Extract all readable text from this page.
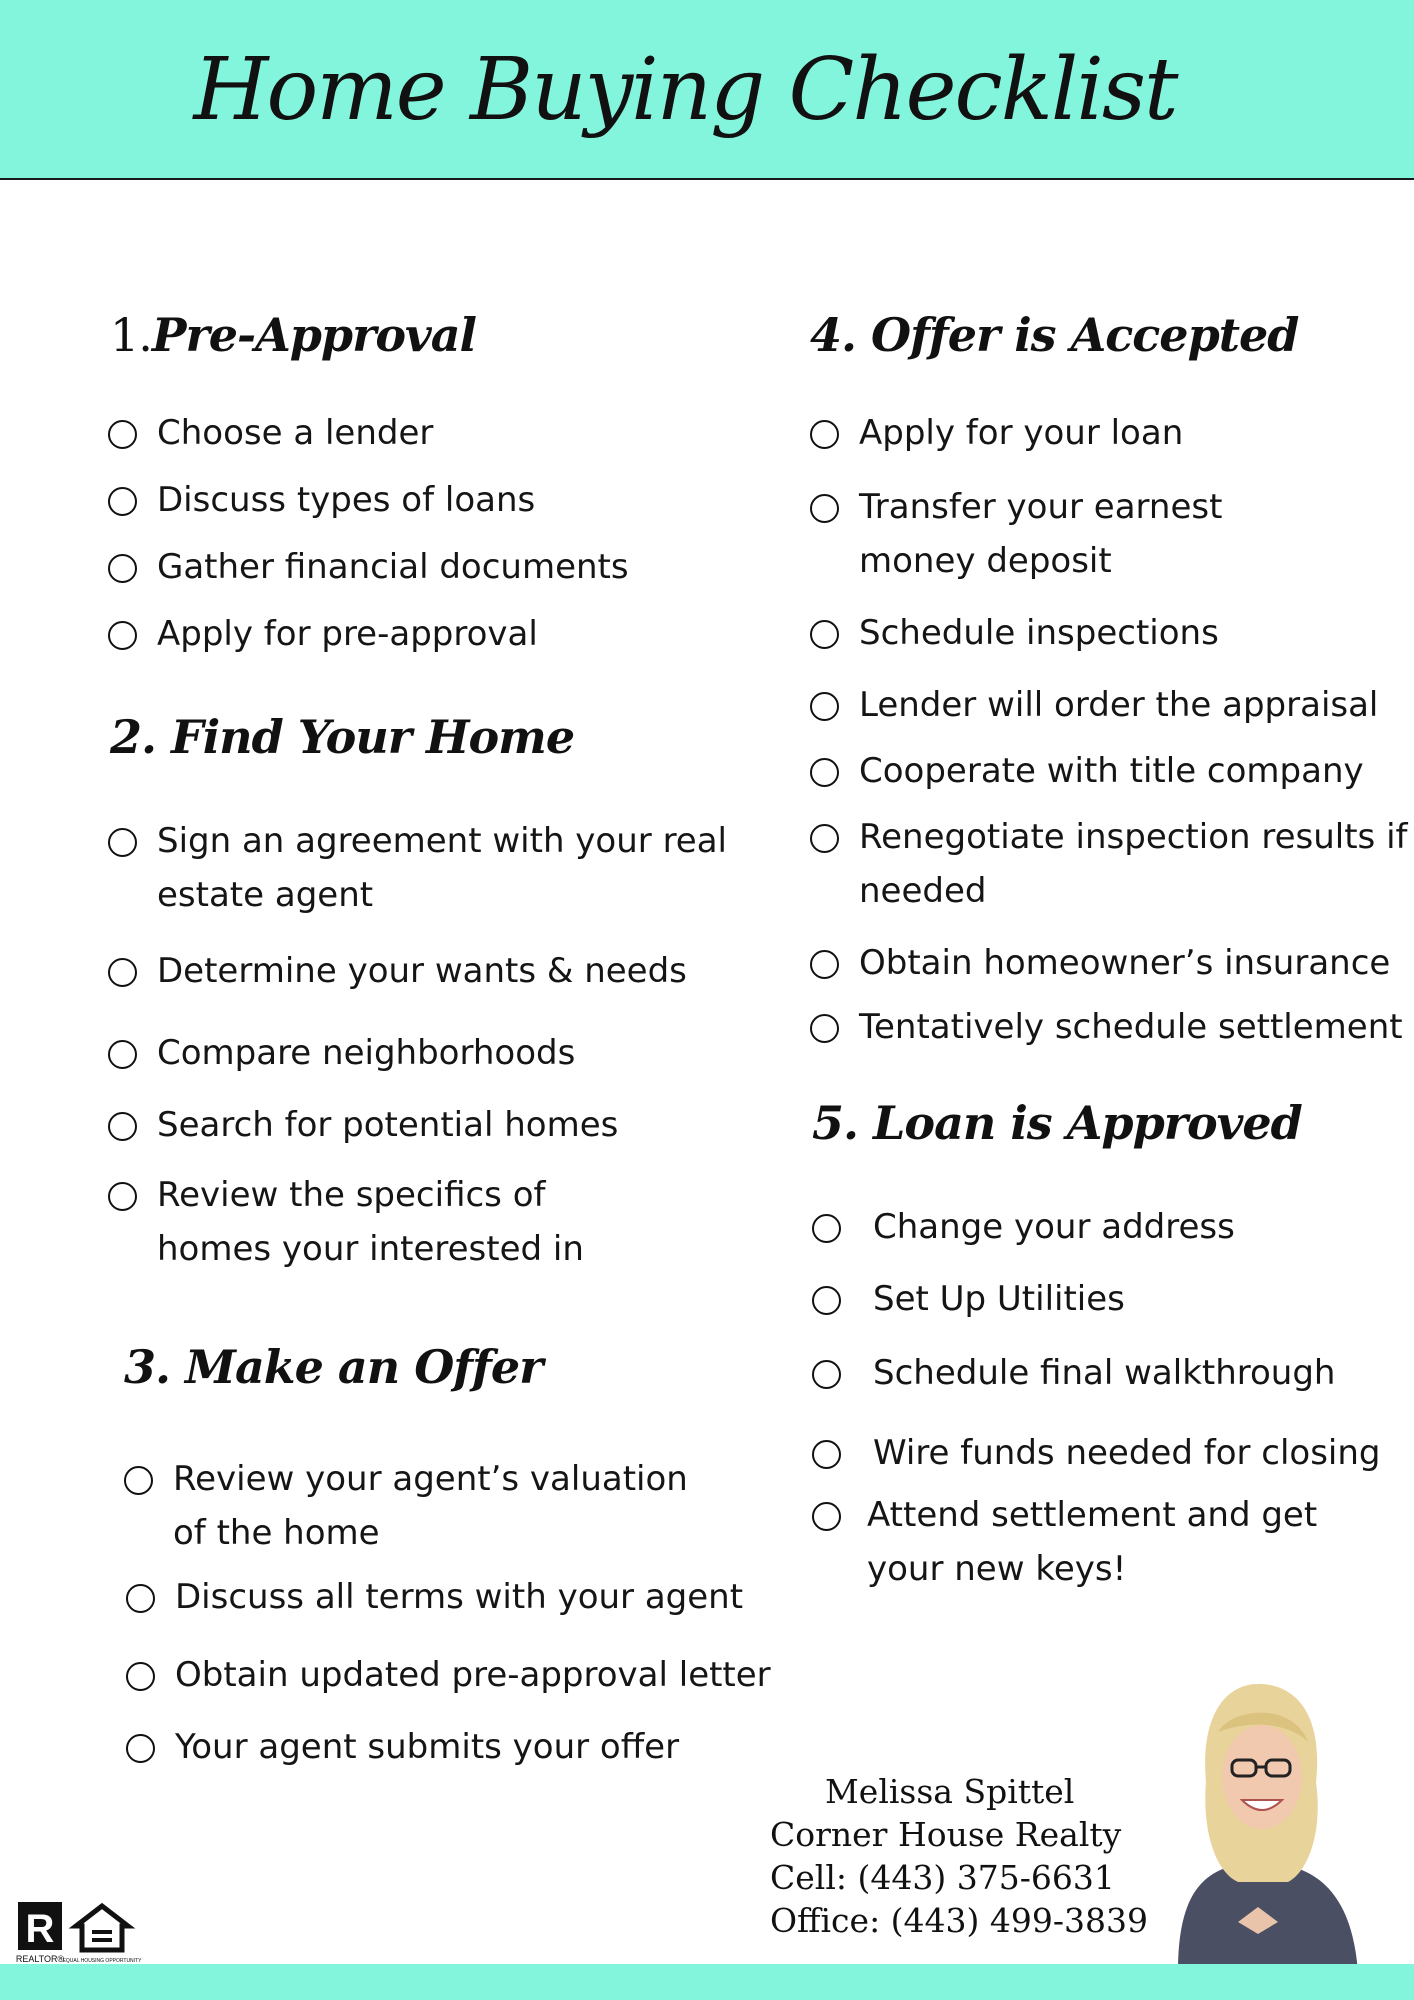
Home Buying Checklist
1.Pre-Approval
Choose a lender
Discuss types of loans
Gather financial documents
Apply for pre-approval
2. Find Your Home
Sign an agreement with your real estate agent
Determine your wants & needs
Compare neighborhoods
Search for potential homes
Review the specifics of homes your interested in
3. Make an Offer
Review your agent’s valuation of the home
Discuss all terms with your agent
Obtain updated pre-approval letter
Your agent submits your offer
4. Offer is Accepted
Apply for your loan
Transfer your earnest money deposit
Schedule inspections
Lender will order the appraisal
Cooperate with title company
Renegotiate inspection results if needed
Obtain homeowner’s insurance
Tentatively schedule settlement
5. Loan is Approved
Change your address
Set Up Utilities
Schedule final walkthrough
Wire funds needed for closing
Attend settlement and get your new keys!
Melissa Spittel
Corner House Realty
Cell: (443) 375-6631
Office: (443) 499-3839
R
REALTOR®
EQUAL HOUSING OPPORTUNITY
